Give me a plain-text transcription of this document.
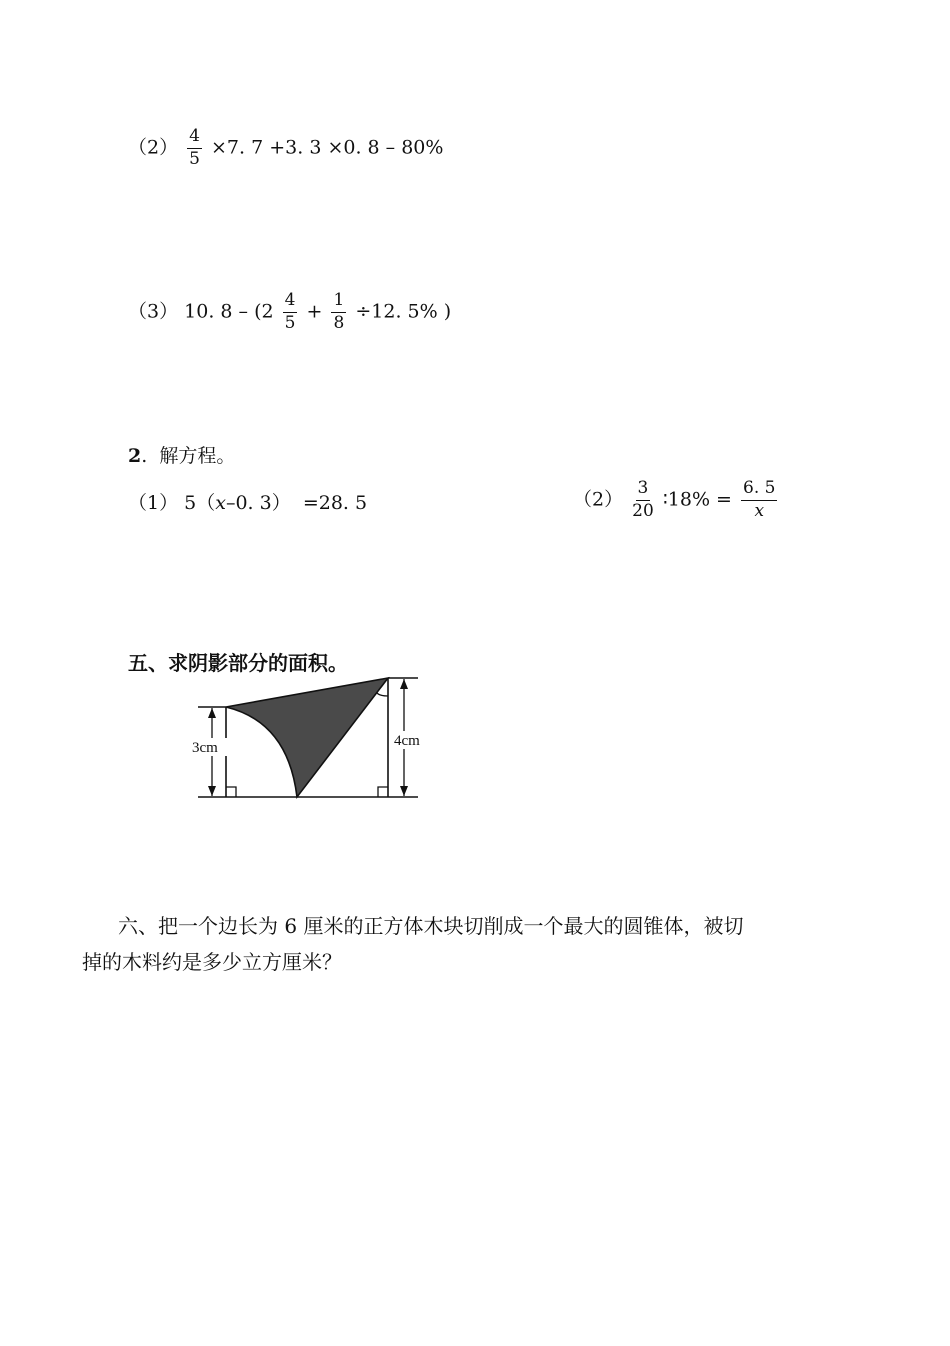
$(2) \frac{4}{5} \times 7$. 7 +3. 3 ×0. 8 – 80%
（3） 10. $8 - (2 \frac{4}{5} + \frac{1}{8} \div 12$. 5% )
2.  解方程。
（1） 5（x–0. 3） =28. 5	$(2) \frac{3}{20}$ ∶18% = $\frac{6. 5}{x}$
五、求阴影部分的面积。
3cm	4cm
45°
六、把一个边长为 6 厘米的正方体木块切削成一个最大的圆锥体，被切
掉的木料约是多少立方厘米？
